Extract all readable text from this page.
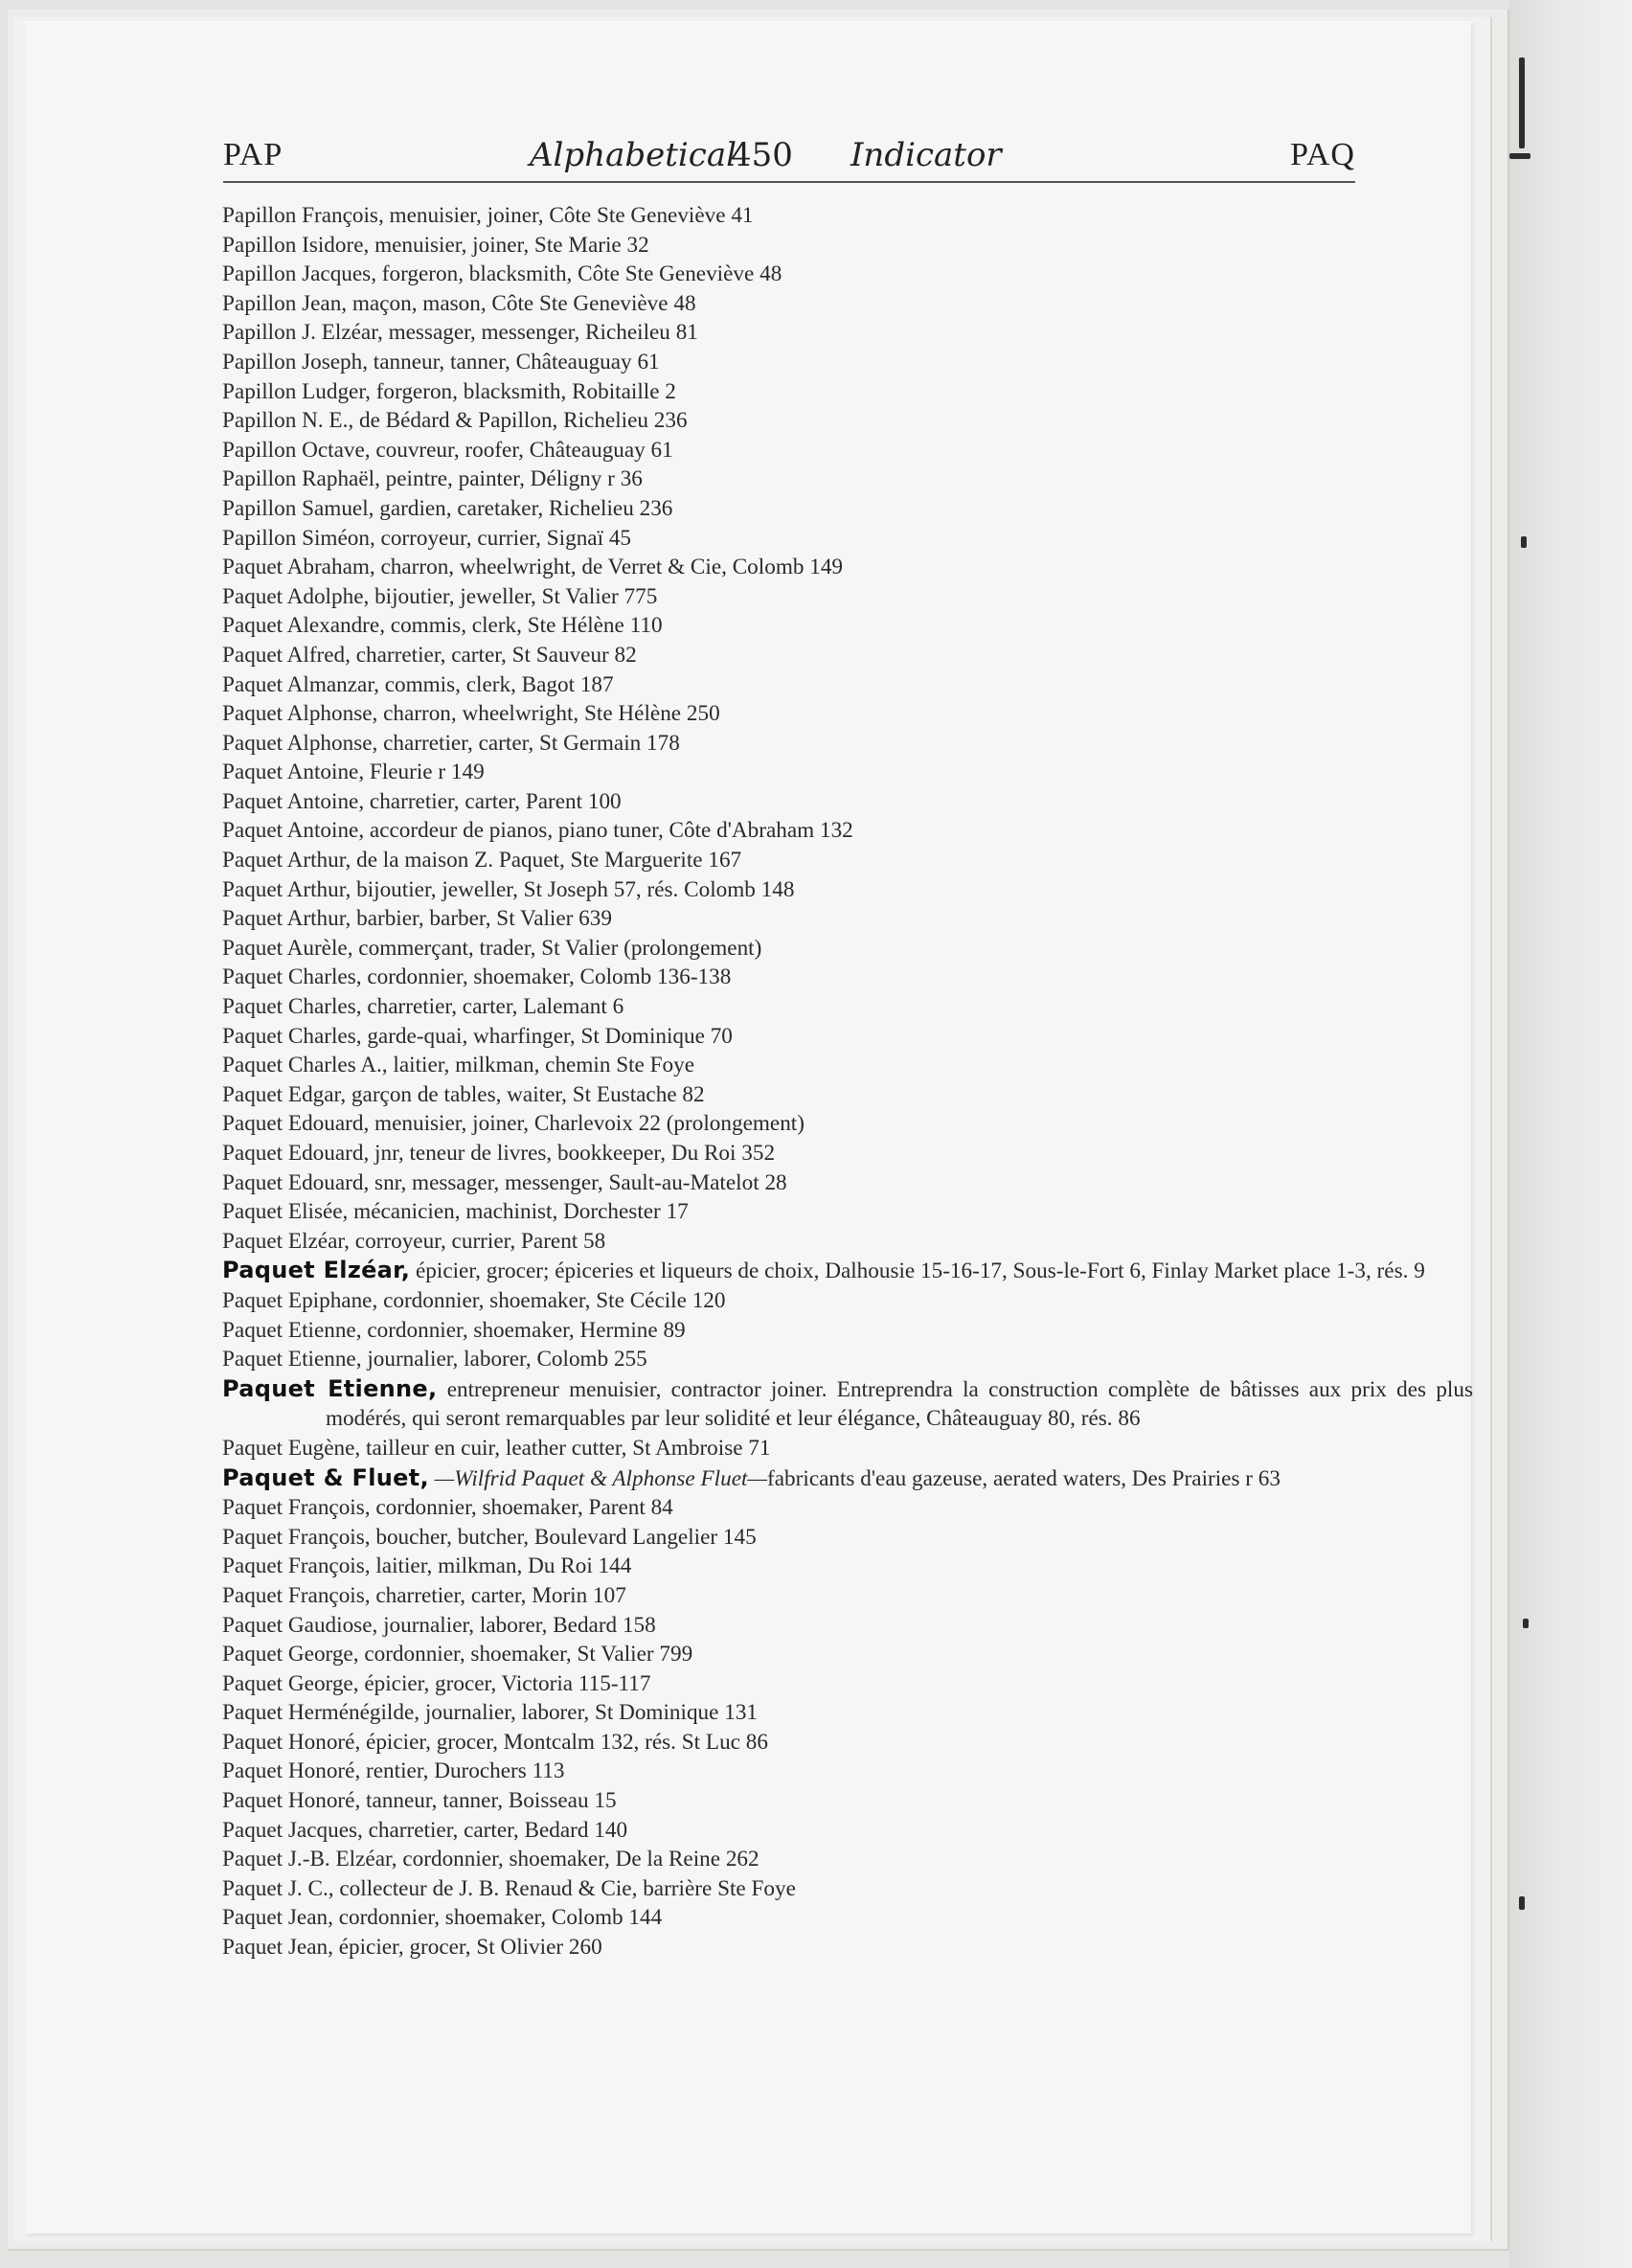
PAP	Alphabetical
450 Indicator	PAQ
Papillon François, menuisier, joiner, Côte Ste Geneviève 41
Papillon Isidore, menuisier, joiner, Ste Marie 32
Papillon Jacques, forgeron, blacksmith, Côte Ste Geneviève 48
Papillon Jean, maçon, mason, Côte Ste Geneviève 48
Papillon J. Elzéar, messager, messenger, Richeileu 81
Papillon Joseph, tanneur, tanner, Châteauguay 61
Papillon Ludger, forgeron, blacksmith, Robitaille 2
Papillon N. E., de Bédard & Papillon, Richelieu 236
Papillon Octave, couvreur, roofer, Châteauguay 61
Papillon Raphaël, peintre, painter, Déligny r 36
Papillon Samuel, gardien, caretaker, Richelieu 236
Papillon Siméon, corroyeur, currier, Signaï 45
Paquet Abraham, charron, wheelwright, de Verret & Cie, Colomb 149
Paquet Adolphe, bijoutier, jeweller, St Valier 775
Paquet Alexandre, commis, clerk, Ste Hélène 110
Paquet Alfred, charretier, carter, St Sauveur 82
Paquet Almanzar, commis, clerk, Bagot 187
Paquet Alphonse, charron, wheelwright, Ste Hélène 250
Paquet Alphonse, charretier, carter, St Germain 178
Paquet Antoine, Fleurie r 149
Paquet Antoine, charretier, carter, Parent 100
Paquet Antoine, accordeur de pianos, piano tuner, Côte d'Abraham 132
Paquet Arthur, de la maison Z. Paquet, Ste Marguerite 167
Paquet Arthur, bijoutier, jeweller, St Joseph 57, rés. Colomb 148
Paquet Arthur, barbier, barber, St Valier 639
Paquet Aurèle, commerçant, trader, St Valier (prolongement)
Paquet Charles, cordonnier, shoemaker, Colomb 136-138
Paquet Charles, charretier, carter, Lalemant 6
Paquet Charles, garde-quai, wharfinger, St Dominique 70
Paquet Charles A., laitier, milkman, chemin Ste Foye
Paquet Edgar, garçon de tables, waiter, St Eustache 82
Paquet Edouard, menuisier, joiner, Charlevoix 22 (prolongement)
Paquet Edouard, jnr, teneur de livres, bookkeeper, Du Roi 352
Paquet Edouard, snr, messager, messenger, Sault-au-Matelot 28
Paquet Elisée, mécanicien, machinist, Dorchester 17
Paquet Elzéar, corroyeur, currier, Parent 58
Paquet Elzéar, épicier, grocer; épiceries et liqueurs de choix, Dalhousie 15-16-17, Sous-le-Fort 6, Finlay Market place 1-3, rés. 9
Paquet Epiphane, cordonnier, shoemaker, Ste Cécile 120
Paquet Etienne, cordonnier, shoemaker, Hermine 89
Paquet Etienne, journalier, laborer, Colomb 255
Paquet Etienne, entrepreneur menuisier, contractor joiner. Entreprendra la construction complète de bâtisses aux prix des plus modérés, qui seront remarquables par leur solidité et leur élégance, Châteauguay 80, rés. 86
Paquet Eugène, tailleur en cuir, leather cutter, St Ambroise 71
Paquet & Fluet, —Wilfrid Paquet & Alphonse Fluet—fabricants d'eau gazeuse, aerated waters, Des Prairies r 63
Paquet François, cordonnier, shoemaker, Parent 84
Paquet François, boucher, butcher, Boulevard Langelier 145
Paquet François, laitier, milkman, Du Roi 144
Paquet François, charretier, carter, Morin 107
Paquet Gaudiose, journalier, laborer, Bedard 158
Paquet George, cordonnier, shoemaker, St Valier 799
Paquet George, épicier, grocer, Victoria 115-117
Paquet Herménégilde, journalier, laborer, St Dominique 131
Paquet Honoré, épicier, grocer, Montcalm 132, rés. St Luc 86
Paquet Honoré, rentier, Durochers 113
Paquet Honoré, tanneur, tanner, Boisseau 15
Paquet Jacques, charretier, carter, Bedard 140
Paquet J.-B. Elzéar, cordonnier, shoemaker, De la Reine 262
Paquet J. C., collecteur de J. B. Renaud & Cie, barrière Ste Foye
Paquet Jean, cordonnier, shoemaker, Colomb 144
Paquet Jean, épicier, grocer, St Olivier 260
